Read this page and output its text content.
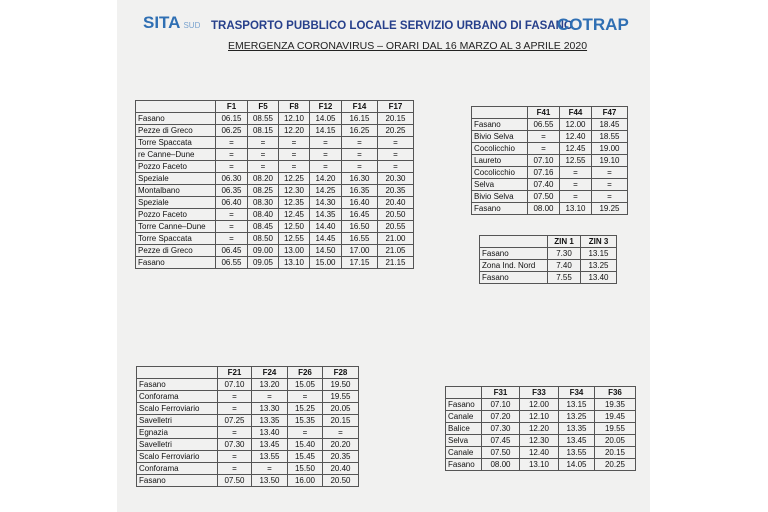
SITA SUD TRASPORTO PUBBLICO LOCALE SERVIZIO URBANO DI FASANO
COTRAP
EMERGENZA CORONAVIRUS – ORARI DAL 16 MARZO AL 3 APRILE 2020
	F1	F5	F8	F12	F14	F17
Fasano	06.15	08.55	12.10	14.05	16.15	20.15
Pezze di Greco	06.25	08.15	12.20	14.15	16.25	20.25
Torre Spaccata	=	=	=	=	=	=
re Canne–Dune	=	=	=	=	=	=
Pozzo Faceto	=	=	=	=	=	=
Speziale	06.30	08.20	12.25	14.20	16.30	20.30
Montalbano	06.35	08.25	12.30	14.25	16.35	20.35
Speziale	06.40	08.30	12.35	14.30	16.40	20.40
Pozzo Faceto	=	08.40	12.45	14.35	16.45	20.50
Torre Canne–Dune	=	08.45	12.50	14.40	16.50	20.55
Torre Spaccata	=	08.50	12.55	14.45	16.55	21.00
Pezze di Greco	06.45	09.00	13.00	14.50	17.00	21.05
Fasano	06.55	09.05	13.10	15.00	17.15	21.15
	F41	F44	F47
Fasano	06.55	12.00	18.45
Bivio Selva	=	12.40	18.55
Cocolicchio	=	12.45	19.00
Laureto	07.10	12.55	19.10
Cocolicchio	07.16	=	=
Selva	07.40	=	=
Bivio Selva	07.50	=	=
Fasano	08.00	13.10	19.25
	ZIN 1	ZIN 3
Fasano	7.30	13.15
Zona Ind. Nord	7.40	13.25
Fasano	7.55	13.40
	F21	F24	F26	F28
Fasano	07.10	13.20	15.05	19.50
Conforama	=	=	=	19.55
Scalo Ferroviario	=	13.30	15.25	20.05
Savelletri	07.25	13.35	15.35	20.15
Egnazia	=	13.40	=	=
Savelletri	07.30	13.45	15.40	20.20
Scalo Ferroviario	=	13.55	15.45	20.35
Conforama	=	=	15.50	20.40
Fasano	07.50	13.50	16.00	20.50
	F31	F33	F34	F36
Fasano	07.10	12.00	13.15	19.35
Canale	07.20	12.10	13.25	19.45
Balice	07.30	12.20	13.35	19.55
Selva	07.45	12.30	13.45	20.05
Canale	07.50	12.40	13.55	20.15
Fasano	08.00	13.10	14.05	20.25
